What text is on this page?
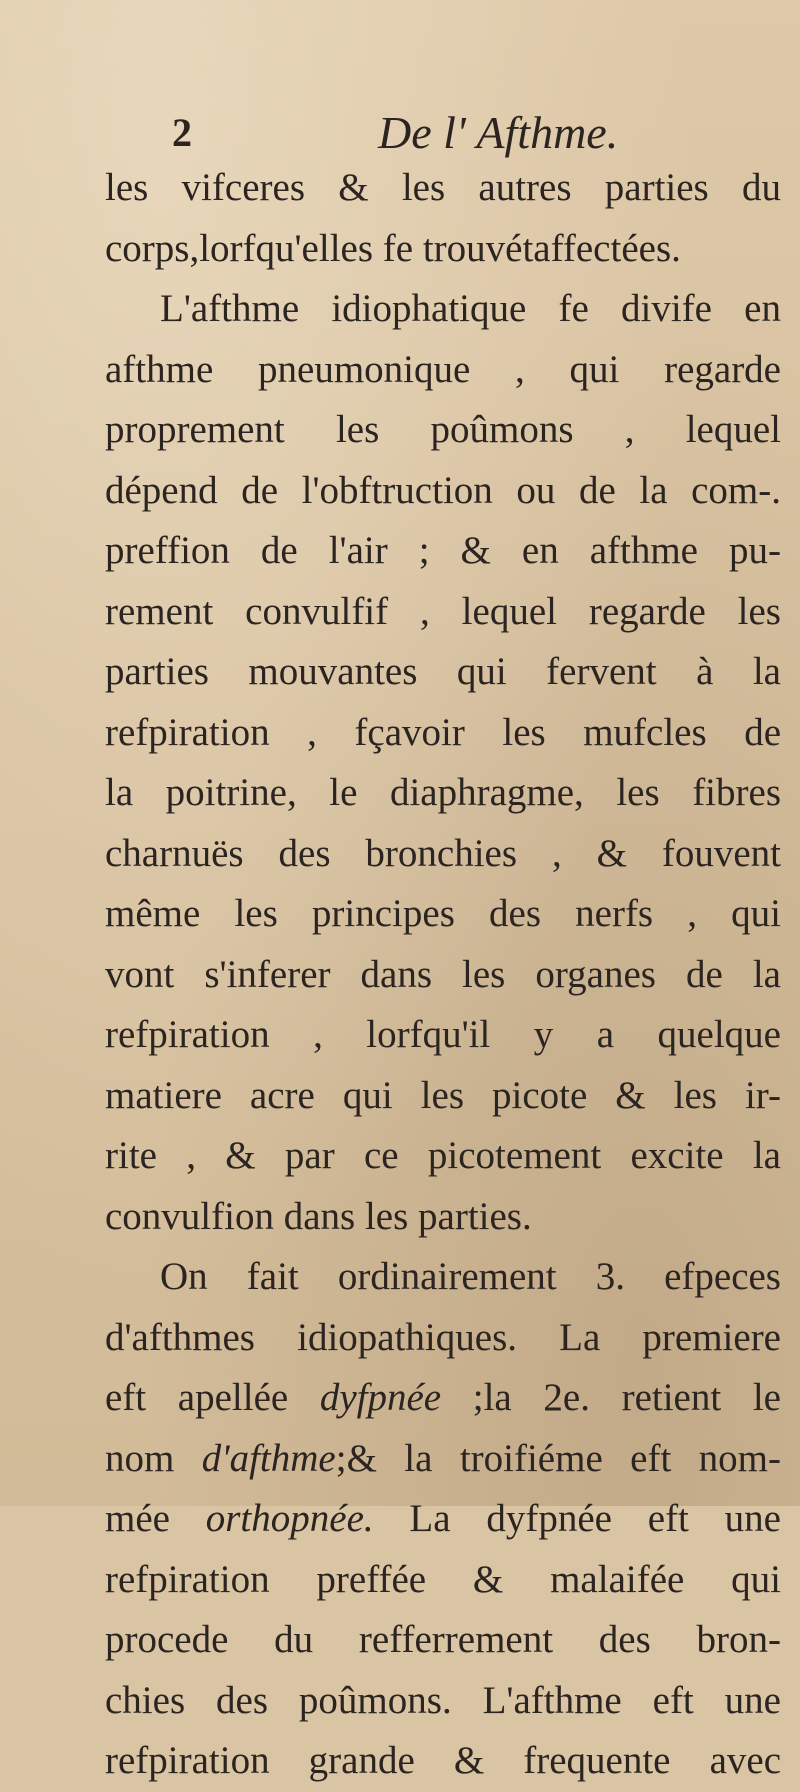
2	De l' Afthme.
les vifceres & les autres parties du
corps,lorfqu'elles fe trouvétaffectées.
L'afthme idiophatique fe divife en
afthme pneumonique , qui regarde
proprement les poûmons , lequel
dépend de l'obftruction ou de la com-.
preffion de l'air ; & en afthme pu-
rement convulfif , lequel regarde les
parties mouvantes qui fervent à la
refpiration , fçavoir les mufcles de
la poitrine, le diaphragme, les fibres
charnuës des bronchies , & fouvent
même les principes des nerfs , qui
vont s'inferer dans les organes de la
refpiration , lorfqu'il y a quelque
matiere acre qui les picote & les ir-
rite , & par ce picotement excite la
convulfion dans les parties.
On fait ordinairement 3. efpeces
d'afthmes idiopathiques. La premiere
eft apellée dyfpnée ;la 2e. retient le
nom d'afthme;& la troifiéme eft nom-
mée orthopnée. La dyfpnée eft une
refpiration preffée & malaifée qui
procede du refferrement des bron-
chies des poûmons. L'afthme eft une
refpiration grande & frequente avec
